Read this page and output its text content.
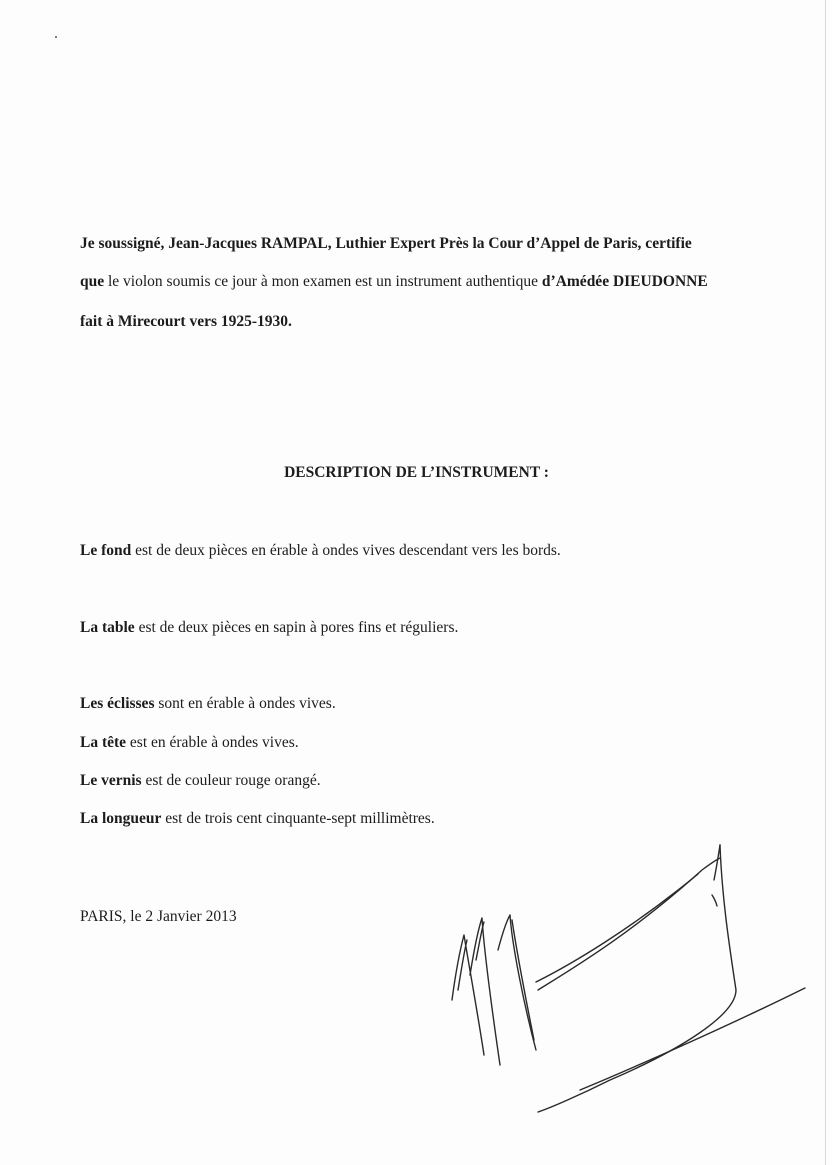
Je soussigné, Jean-Jacques RAMPAL, Luthier Expert Près la Cour d’Appel de Paris, certifie
que le violon soumis ce jour à mon examen est un instrument authentique d’Amédée DIEUDONNE
fait à Mirecourt vers 1925-1930.
DESCRIPTION DE L’INSTRUMENT :
Le fond est de deux pièces en érable à ondes vives descendant vers les bords.
La table est de deux pièces en sapin à pores fins et réguliers.
Les éclisses sont en érable à ondes vives.
La tête est en érable à ondes vives.
Le vernis est de couleur rouge orangé.
La longueur est de trois cent cinquante-sept millimètres.
PARIS, le 2 Janvier 2013
